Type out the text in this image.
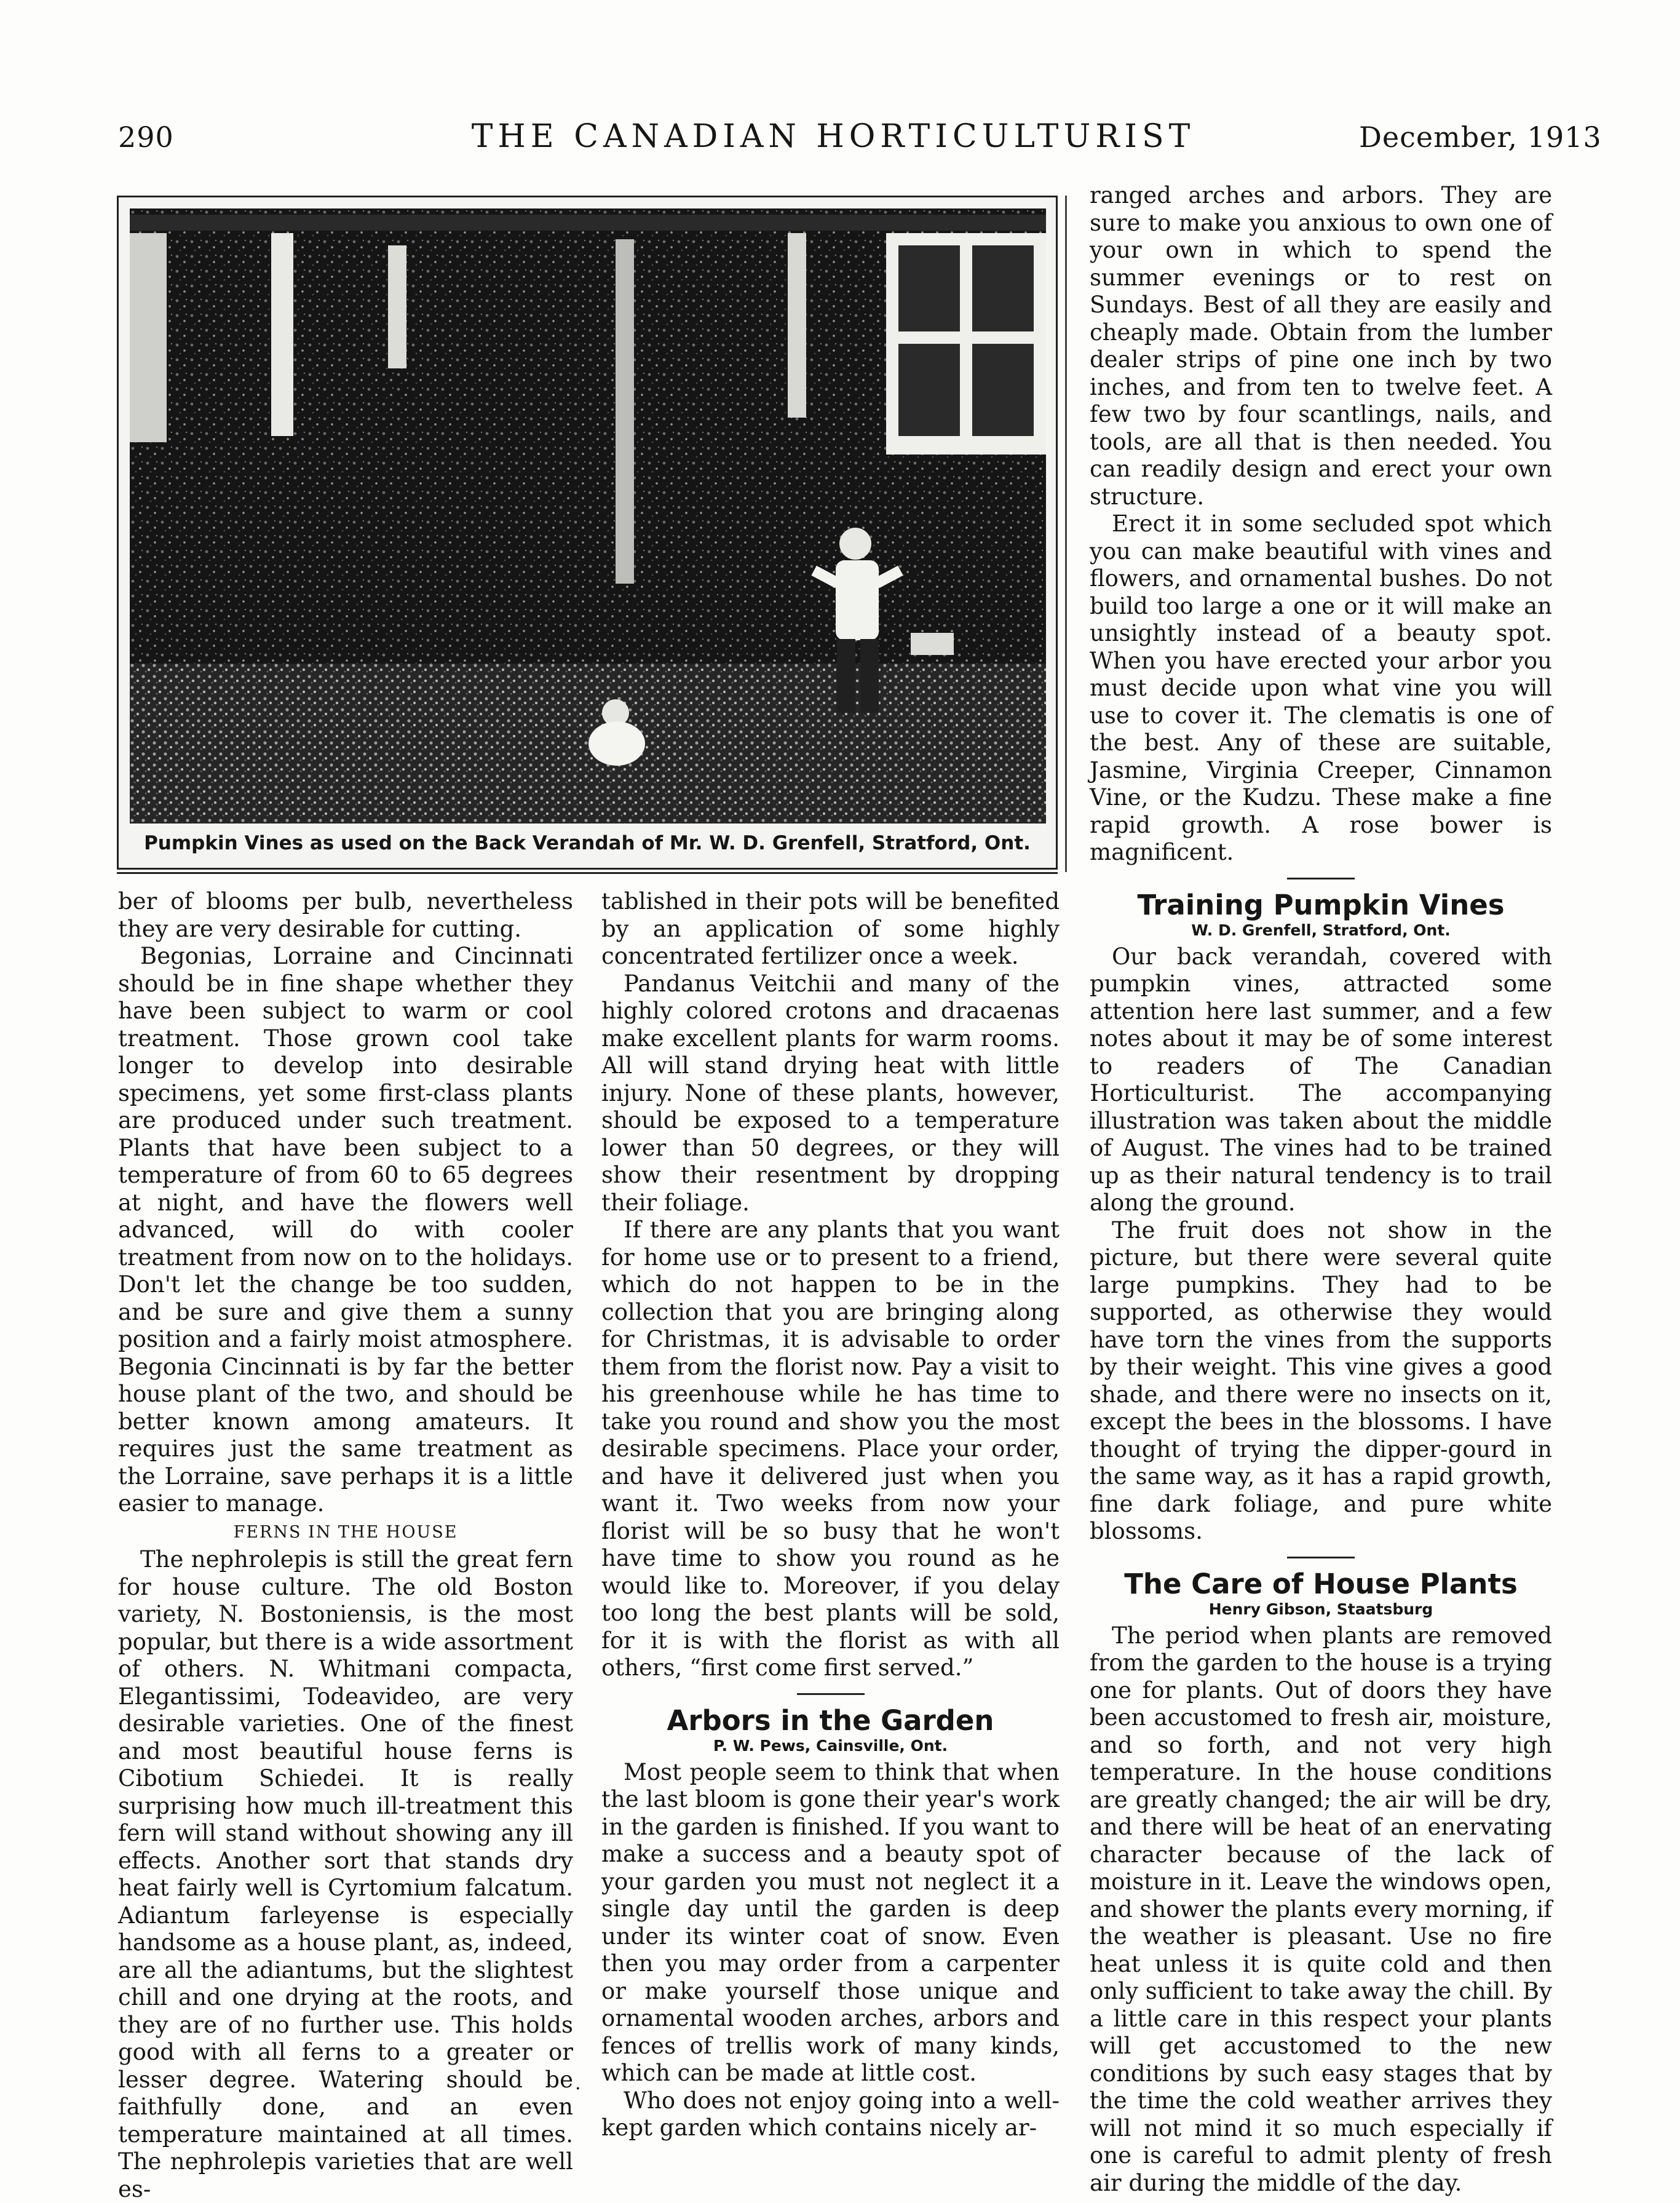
290	THE CANADIAN HORTICULTURIST	December, 1913
Pumpkin Vines as used on the Back Verandah of Mr. W. D. Grenfell, Stratford, Ont.

ber of blooms per bulb, nevertheless they are very desirable for cutting.

Begonias, Lorraine and Cincinnati should be in fine shape whether they have been subject to warm or cool treatment. Those grown cool take longer to develop into desirable specimens, yet some first-class plants are produced under such treatment. Plants that have been subject to a temperature of from 60 to 65 degrees at night, and have the flowers well advanced, will do with cooler treatment from now on to the holidays. Don't let the change be too sudden, and be sure and give them a sunny position and a fairly moist atmosphere. Begonia Cincinnati is by far the better house plant of the two, and should be better known among amateurs. It requires just the same treatment as the Lorraine, save perhaps it is a little easier to manage.

FERNS IN THE HOUSE

The nephrolepis is still the great fern for house culture. The old Boston variety, N. Bostoniensis, is the most popular, but there is a wide assortment of others. N. Whitmani compacta, Elegantissimi, Todeavideo, are very desirable varieties. One of the finest and most beautiful house ferns is Cibotium Schiedei. It is really surprising how much ill-treatment this fern will stand without showing any ill effects. Another sort that stands dry heat fairly well is Cyrtomium falcatum. Adiantum farleyense is especially handsome as a house plant, as, indeed, are all the adiantums, but the slightest chill and one drying at the roots, and they are of no further use. This holds good with all ferns to a greater or lesser degree. Watering should be faithfully done, and an even temperature maintained at all times. The nephrolepis varieties that are well es-

tablished in their pots will be benefited by an application of some highly concentrated fertilizer once a week.

Pandanus Veitchii and many of the highly colored crotons and dracaenas make excellent plants for warm rooms. All will stand drying heat with little injury. None of these plants, however, should be exposed to a temperature lower than 50 degrees, or they will show their resentment by dropping their foliage.

If there are any plants that you want for home use or to present to a friend, which do not happen to be in the collection that you are bringing along for Christmas, it is advisable to order them from the florist now. Pay a visit to his greenhouse while he has time to take you round and show you the most desirable specimens. Place your order, and have it delivered just when you want it. Two weeks from now your florist will be so busy that he won't have time to show you round as he would like to. Moreover, if you delay too long the best plants will be sold, for it is with the florist as with all others, “first come first served.”

Arbors in the Garden

P. W. Pews, Cainsville, Ont.

Most people seem to think that when the last bloom is gone their year's work in the garden is finished. If you want to make a success and a beauty spot of your garden you must not neglect it a single day until the garden is deep under its winter coat of snow. Even then you may order from a carpenter or make yourself those unique and ornamental wooden arches, arbors and fences of trellis work of many kinds, which can be made at little cost.

Who does not enjoy going into a well-kept garden which contains nicely ar-

ranged arches and arbors. They are sure to make you anxious to own one of your own in which to spend the summer evenings or to rest on Sundays. Best of all they are easily and cheaply made. Obtain from the lumber dealer strips of pine one inch by two inches, and from ten to twelve feet. A few two by four scantlings, nails, and tools, are all that is then needed. You can readily design and erect your own structure.

Erect it in some secluded spot which you can make beautiful with vines and flowers, and ornamental bushes. Do not build too large a one or it will make an unsightly instead of a beauty spot. When you have erected your arbor you must decide upon what vine you will use to cover it. The clematis is one of the best. Any of these are suitable, Jasmine, Virginia Creeper, Cinnamon Vine, or the Kudzu. These make a fine rapid growth. A rose bower is magnificent.

Training Pumpkin Vines

W. D. Grenfell, Stratford, Ont.

Our back verandah, covered with pumpkin vines, attracted some attention here last summer, and a few notes about it may be of some interest to readers of The Canadian Horticulturist. The accompanying illustration was taken about the middle of August. The vines had to be trained up as their natural tendency is to trail along the ground.

The fruit does not show in the picture, but there were several quite large pumpkins. They had to be supported, as otherwise they would have torn the vines from the supports by their weight. This vine gives a good shade, and there were no insects on it, except the bees in the blossoms. I have thought of trying the dipper-gourd in the same way, as it has a rapid growth, fine dark foliage, and pure white blossoms.

The Care of House Plants

Henry Gibson, Staatsburg

The period when plants are removed from the garden to the house is a trying one for plants. Out of doors they have been accustomed to fresh air, moisture, and so forth, and not very high temperature. In the house conditions are greatly changed; the air will be dry, and there will be heat of an enervating character because of the lack of moisture in it. Leave the windows open, and shower the plants every morning, if the weather is pleasant. Use no fire heat unless it is quite cold and then only sufficient to take away the chill. By a little care in this respect your plants will get accustomed to the new conditions by such easy stages that by the time the cold weather arrives they will not mind it so much especially if one is careful to admit plenty of fresh air during the middle of the day.

.
